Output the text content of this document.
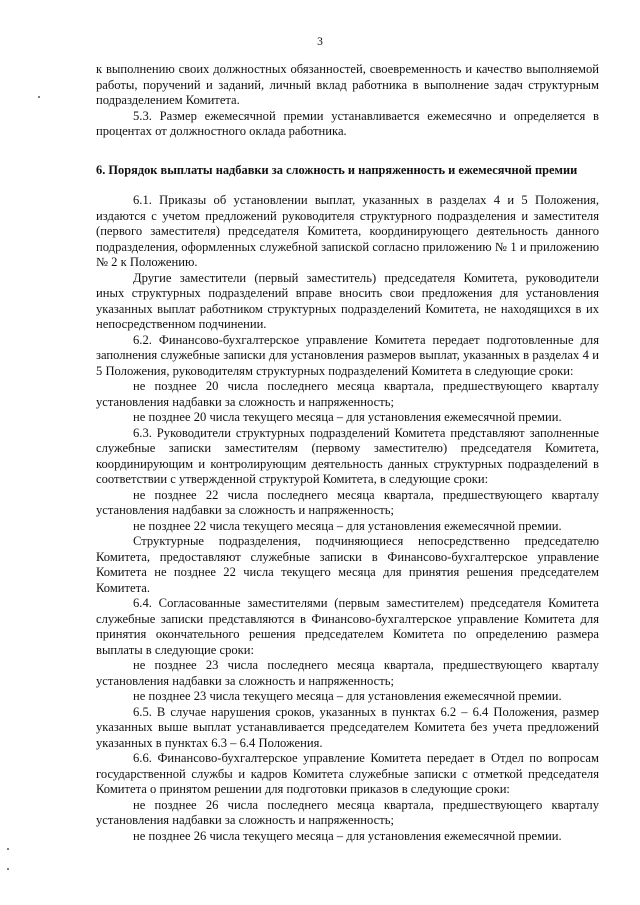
3

к выполнению своих должностных обязанностей, своевременность и качество выполняемой работы, поручений и заданий, личный вклад работника в выполнение задач структурным подразделением Комитета.

5.3. Размер ежемесячной премии устанавливается ежемесячно и определяется в процентах от должностного оклада работника.

6. Порядок выплаты надбавки за сложность и напряженность и ежемесячной премии

6.1. Приказы об установлении выплат, указанных в разделах 4 и 5 Положения, издаются с учетом предложений руководителя структурного подразделения и заместителя (первого заместителя) председателя Комитета, координирующего деятельность данного подразделения, оформленных служебной запиской согласно приложению № 1 и приложению № 2 к Положению.

Другие заместители (первый заместитель) председателя Комитета, руководители иных структурных подразделений вправе вносить свои предложения для установления указанных выплат работником структурных подразделений Комитета, не находящихся в их непосредственном подчинении.

6.2. Финансово-бухгалтерское управление Комитета передает подготовленные для заполнения служебные записки для установления размеров выплат, указанных в разделах 4 и 5 Положения, руководителям структурных подразделений Комитета в следующие сроки:

не позднее 20 числа последнего месяца квартала, предшествующего кварталу установления надбавки за сложность и напряженность;

не позднее 20 числа текущего месяца – для установления ежемесячной премии.

6.3. Руководители структурных подразделений Комитета представляют заполненные служебные записки заместителям (первому заместителю) председателя Комитета, координирующим и контролирующим деятельность данных структурных подразделений в соответствии с утвержденной структурой Комитета, в следующие сроки:

не позднее 22 числа последнего месяца квартала, предшествующего кварталу установления надбавки за сложность и напряженность;

не позднее 22 числа текущего месяца – для установления ежемесячной премии.

Структурные подразделения, подчиняющиеся непосредственно председателю Комитета, предоставляют служебные записки в Финансово-бухгалтерское управление Комитета не позднее 22 числа текущего месяца для принятия решения председателем Комитета.

6.4. Согласованные заместителями (первым заместителем) председателя Комитета служебные записки представляются в Финансово-бухгалтерское управление Комитета для принятия окончательного решения председателем Комитета по определению размера выплаты в следующие сроки:

не позднее 23 числа последнего месяца квартала, предшествующего кварталу установления надбавки за сложность и напряженность;

не позднее 23 числа текущего месяца – для установления ежемесячной премии.

6.5. В случае нарушения сроков, указанных в пунктах 6.2 – 6.4 Положения, размер указанных выше выплат устанавливается председателем Комитета без учета предложений указанных в пунктах 6.3 – 6.4 Положения.

6.6. Финансово-бухгалтерское управление Комитета передает в Отдел по вопросам государственной службы и кадров Комитета служебные записки с отметкой председателя Комитета о принятом решении для подготовки приказов в следующие сроки:

не позднее 26 числа последнего месяца квартала, предшествующего кварталу установления надбавки за сложность и напряженность;

не позднее 26 числа текущего месяца – для установления ежемесячной премии.
